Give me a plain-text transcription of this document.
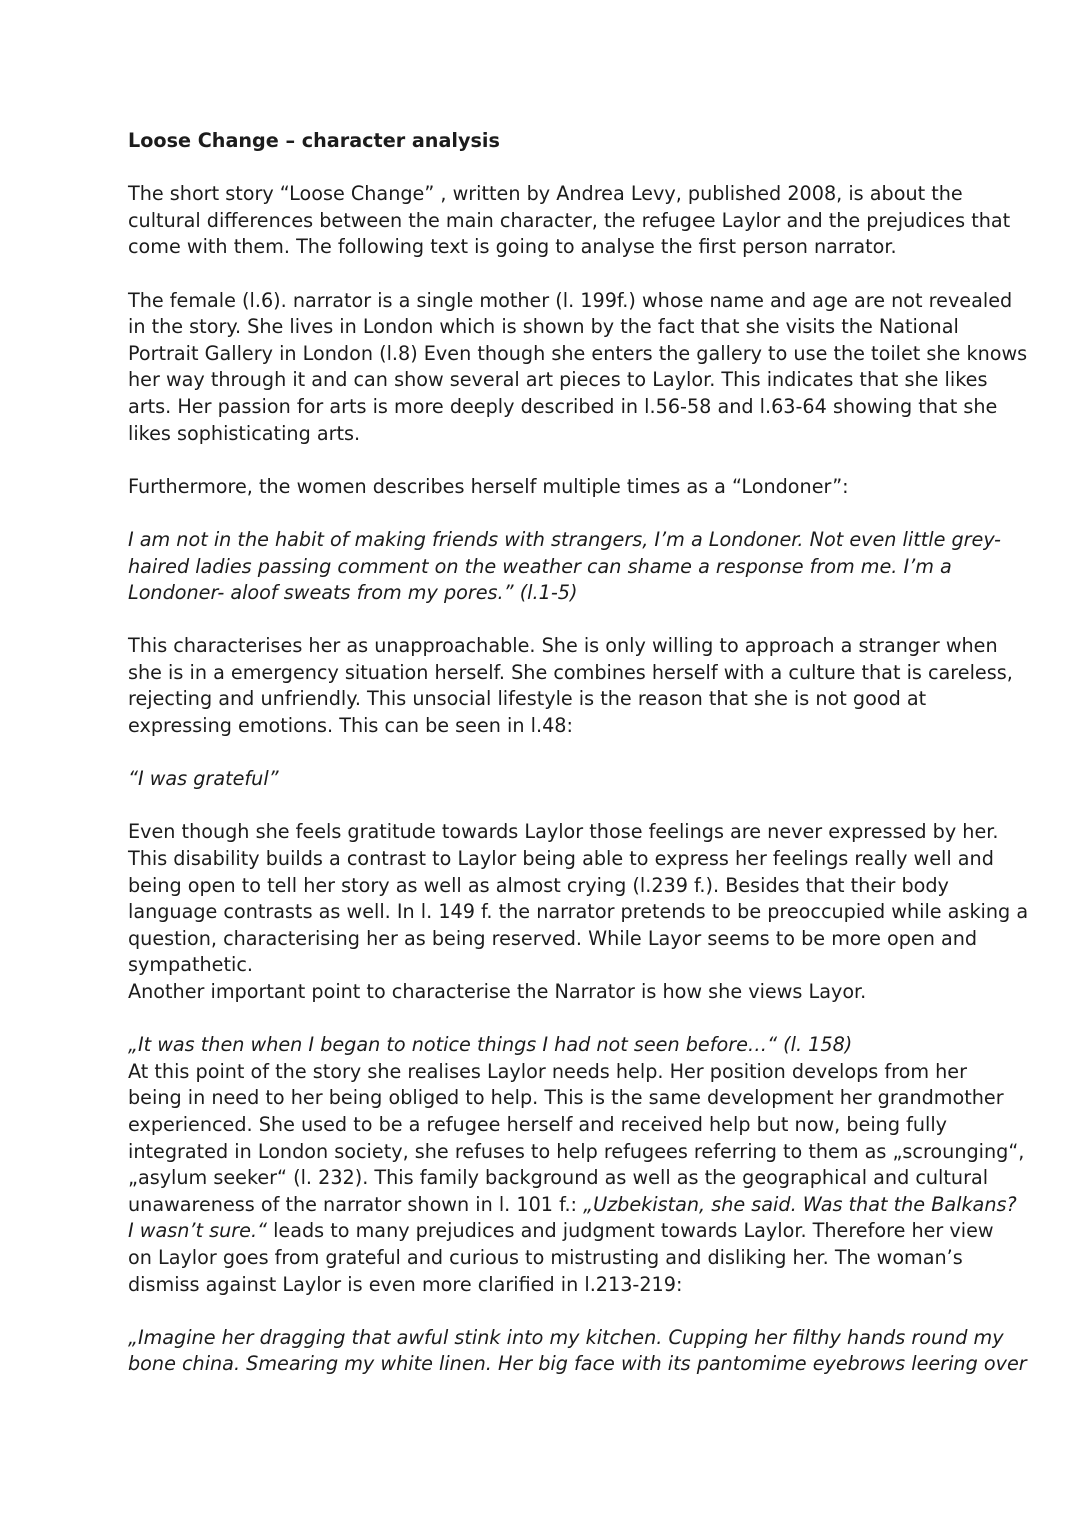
Loose Change – character analysis
The short story “Loose Change” , written by Andrea Levy, published 2008, is about the
cultural differences between the main character, the refugee Laylor and the prejudices that
come with them. The following text is going to analyse the first person narrator.
The female (l.6). narrator is a single mother (l. 199f.) whose name and age are not revealed
in the story. She lives in London which is shown by the fact that she visits the National
Portrait Gallery in London (l.8) Even though she enters the gallery to use the toilet she knows
her way through it and can show several art pieces to Laylor. This indicates that she likes
arts. Her passion for arts is more deeply described in l.56-58 and l.63-64 showing that she
likes sophisticating arts.
Furthermore, the women describes herself multiple times as a “Londoner”:
I am not in the habit of making friends with strangers, I’m a Londoner. Not even little grey-
haired ladies passing comment on the weather can shame a response from me. I’m a
Londoner- aloof sweats from my pores.” (l.1-5)
This characterises her as unapproachable. She is only willing to approach a stranger when
she is in a emergency situation herself. She combines herself with a culture that is careless,
rejecting and unfriendly. This unsocial lifestyle is the reason that she is not good at
expressing emotions. This can be seen in l.48:
“I was grateful”
Even though she feels gratitude towards Laylor those feelings are never expressed by her.
This disability builds a contrast to Laylor being able to express her feelings really well and
being open to tell her story as well as almost crying (l.239 f.). Besides that their body
language contrasts as well. In l. 149 f. the narrator pretends to be preoccupied while asking a
question, characterising her as being reserved. While Layor seems to be more open and
sympathetic.
Another important point to characterise the Narrator is how she views Layor.
„It was then when I began to notice things I had not seen before…“ (l. 158)
At this point of the story she realises Laylor needs help. Her position develops from her
being in need to her being obliged to help. This is the same development her grandmother
experienced. She used to be a refugee herself and received help but now, being fully
integrated in London society, she refuses to help refugees referring to them as „scrounging“,
„asylum seeker“ (l. 232). This family background as well as the geographical and cultural
unawareness of the narrator shown in l. 101 f.: „Uzbekistan, she said. Was that the Balkans?
I wasn’t sure.“ leads to many prejudices and judgment towards Laylor. Therefore her view
on Laylor goes from grateful and curious to mistrusting and disliking her. The woman’s
dismiss against Laylor is even more clarified in l.213-219:
„Imagine her dragging that awful stink into my kitchen. Cupping her filthy hands round my
bone china. Smearing my white linen. Her big face with its pantomime eyebrows leering over
